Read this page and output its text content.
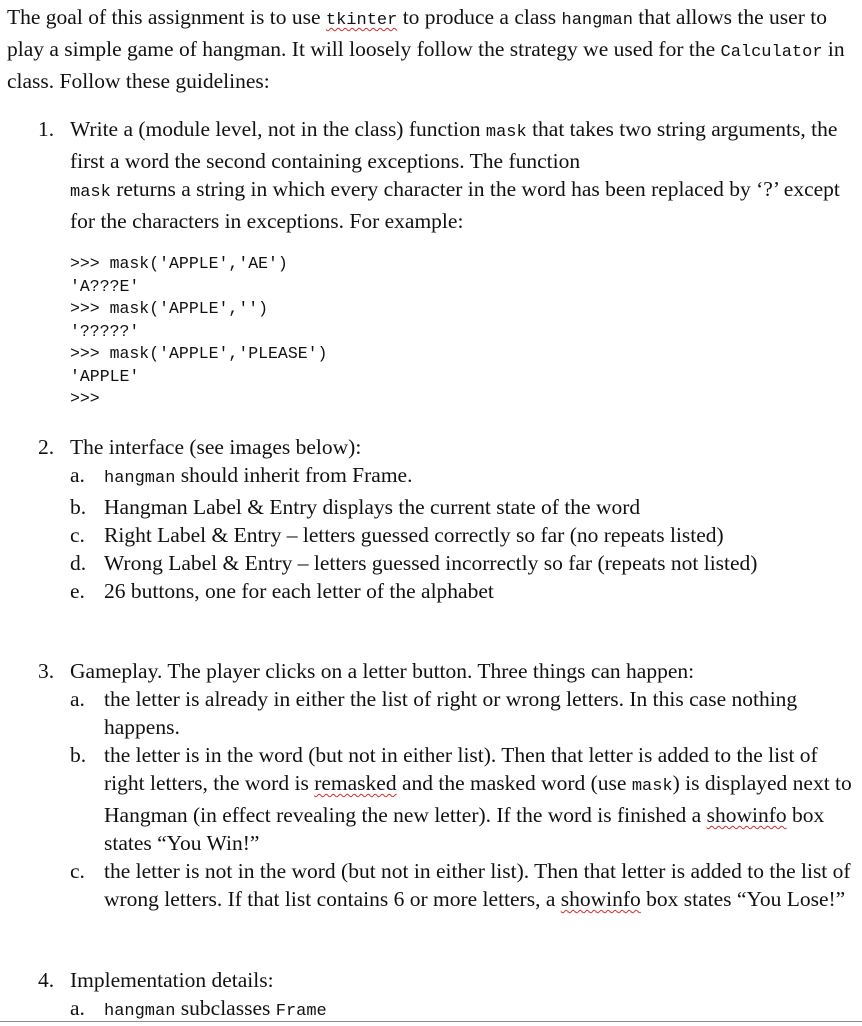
The goal of this assignment is to use tkinter to produce a class hangman that allows the user to play a simple game of hangman. It will loosely follow the strategy we used for the Calculator in class. Follow these guidelines:

1. Write a (module level, not in the class) function mask that takes two string arguments, the first a word the second containing exceptions. The function
mask returns a string in which every character in the word has been replaced by ‘?’ except for the characters in exceptions. For example:
>>> mask('APPLE','AE')
'A???E'
>>> mask('APPLE','')
'?????'
>>> mask('APPLE','PLEASE')
'APPLE'
>>>
2. The interface (see images below):
a. hangman should inherit from Frame.
b. Hangman Label & Entry displays the current state of the word
c. Right Label & Entry – letters guessed correctly so far (no repeats listed)
d. Wrong Label & Entry – letters guessed incorrectly so far (repeats not listed)
e. 26 buttons, one for each letter of the alphabet
3. Gameplay. The player clicks on a letter button. Three things can happen:
a. the letter is already in either the list of right or wrong letters. In this case nothing happens.
b. the letter is in the word (but not in either list). Then that letter is added to the list of right letters, the word is remasked and the masked word (use mask) is displayed next to Hangman (in effect revealing the new letter). If the word is finished a showinfo box states “You Win!”
c. the letter is not in the word (but not in either list). Then that letter is added to the list of wrong letters. If that list contains 6 or more letters, a showinfo box states “You Lose!”
4. Implementation details:
a. hangman subclasses Frame
